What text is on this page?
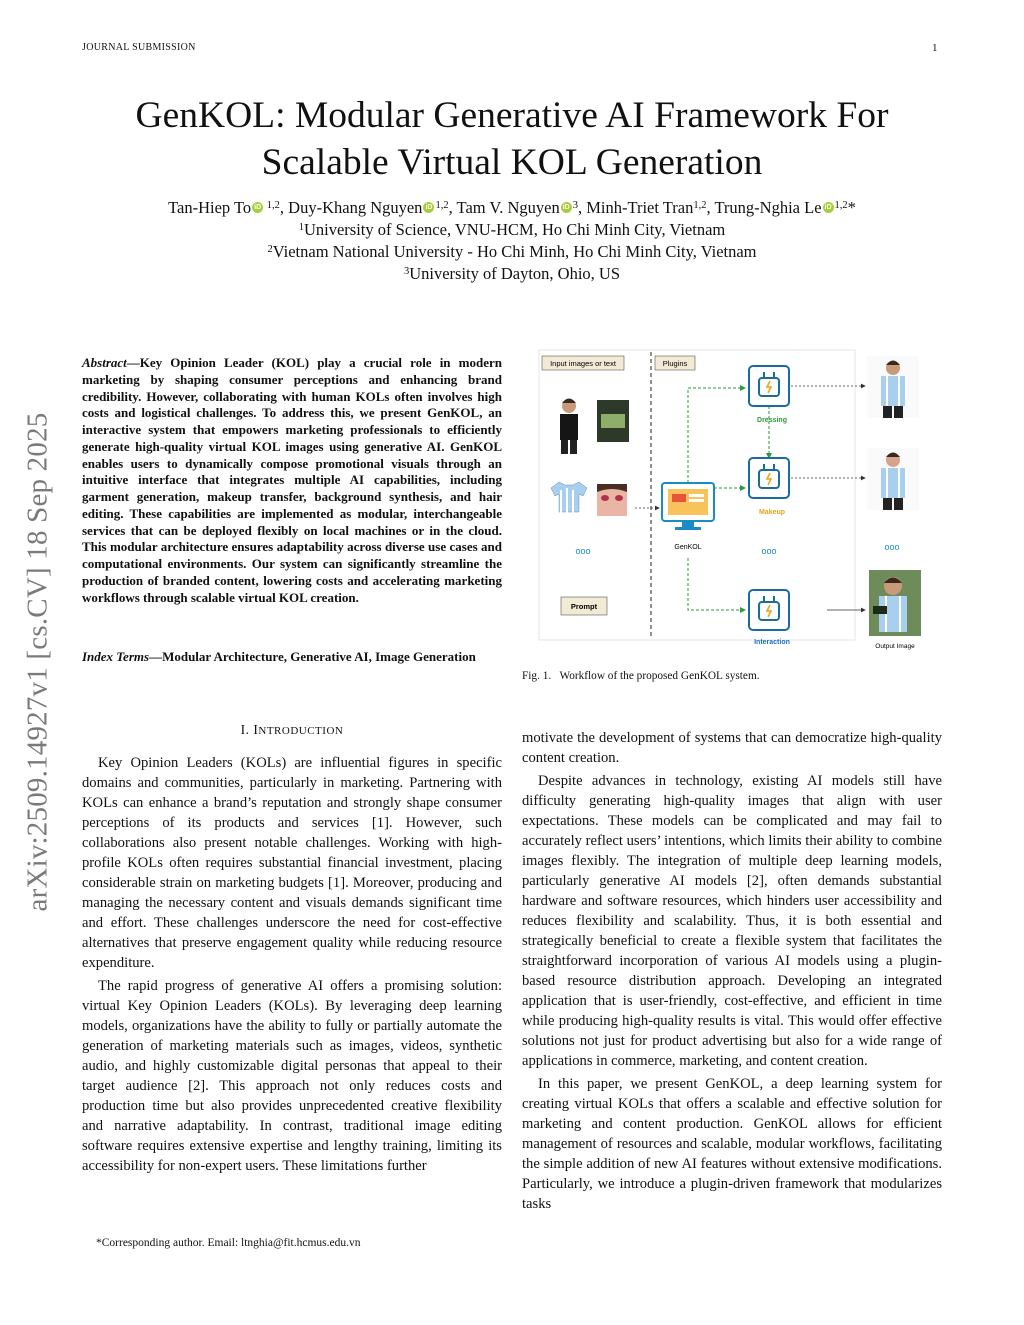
JOURNAL SUBMISSION	1
GenKOL: Modular Generative AI Framework For
Scalable Virtual KOL Generation
Tan-Hiep To iD $^{1,2}$, Duy-Khang Nguyen iD $^{1,2}$, Tam V. Nguyen iD $^3$, Minh-Triet Tran$^{1,2}$, Trung-Nghia Le iD $^{1,2}$*
$^1$University of Science, VNU-HCM, Ho Chi Minh City, Vietnam
$^2$Vietnam National University - Ho Chi Minh, Ho Chi Minh City, Vietnam
$^3$University of Dayton, Ohio, US
arXiv:2509.14927v1 [cs.CV] 18 Sep 2025
Abstract—Key Opinion Leader (KOL) play a crucial role in modern marketing by shaping consumer perceptions and enhancing brand credibility. However, collaborating with human KOLs often involves high costs and logistical challenges. To address this, we present GenKOL, an interactive system that empowers marketing professionals to efficiently generate high-quality virtual KOL images using generative AI. GenKOL enables users to dynamically compose promotional visuals through an intuitive interface that integrates multiple AI capabilities, including garment generation, makeup transfer, background synthesis, and hair editing. These capabilities are implemented as modular, interchangeable services that can be deployed flexibly on local machines or in the cloud. This modular architecture ensures adaptability across diverse use cases and computational environments. Our system can significantly streamline the production of branded content, lowering costs and accelerating marketing workflows through scalable virtual KOL creation.
Index Terms—Modular Architecture, Generative AI, Image Generation
I. INTRODUCTION

Key Opinion Leaders (KOLs) are influential figures in specific domains and communities, particularly in marketing. Partnering with KOLs can enhance a brand’s reputation and strongly shape consumer perceptions of its products and services [1]. However, such collaborations also present notable challenges. Working with high-profile KOLs often requires substantial financial investment, placing considerable strain on marketing budgets [1]. Moreover, producing and managing the necessary content and visuals demands significant time and effort. These challenges underscore the need for cost-effective alternatives that preserve engagement quality while reducing resource expenditure.

The rapid progress of generative AI offers a promising solution: virtual Key Opinion Leaders (KOLs). By leveraging deep learning models, organizations have the ability to fully or partially automate the generation of marketing materials such as images, videos, synthetic audio, and highly customizable digital personas that appeal to their target audience [2]. This approach not only reduces costs and production time but also provides unprecedented creative flexibility and narrative adaptability. In contrast, traditional image editing software requires extensive expertise and lengthy training, limiting its accessibility for non-expert users. These limitations further

motivate the development of systems that can democratize high-quality content creation.

Despite advances in technology, existing AI models still have difficulty generating high-quality images that align with user expectations. These models can be complicated and may fail to accurately reflect users’ intentions, which limits their ability to combine images flexibly. The integration of multiple deep learning models, particularly generative AI models [2], often demands substantial hardware and software resources, which hinders user accessibility and reduces flexibility and scalability. Thus, it is both essential and strategically beneficial to create a flexible system that facilitates the straightforward incorporation of various AI models using a plugin-based resource distribution approach. Developing an integrated application that is user-friendly, cost-effective, and efficient in time while producing high-quality results is vital. This would offer effective solutions not just for product advertising but also for a wide range of applications in commerce, marketing, and content creation.

In this paper, we present GenKOL, a deep learning system for creating virtual KOLs that offers a scalable and effective solution for marketing and content production. GenKOL allows for efficient management of resources and scalable, modular workflows, facilitating the simple addition of new AI features without extensive modifications. Particularly, we introduce a plugin-driven framework that modularizes tasks

*Corresponding author. Email: ltnghia@fit.hcmus.edu.vn
Input images or text	Plugins
ooo
Prompt
GenKOL
Dressing
Makeup
ooo
Interaction
ooo
Output Image
Fig. 1.   Workflow of the proposed GenKOL system.
